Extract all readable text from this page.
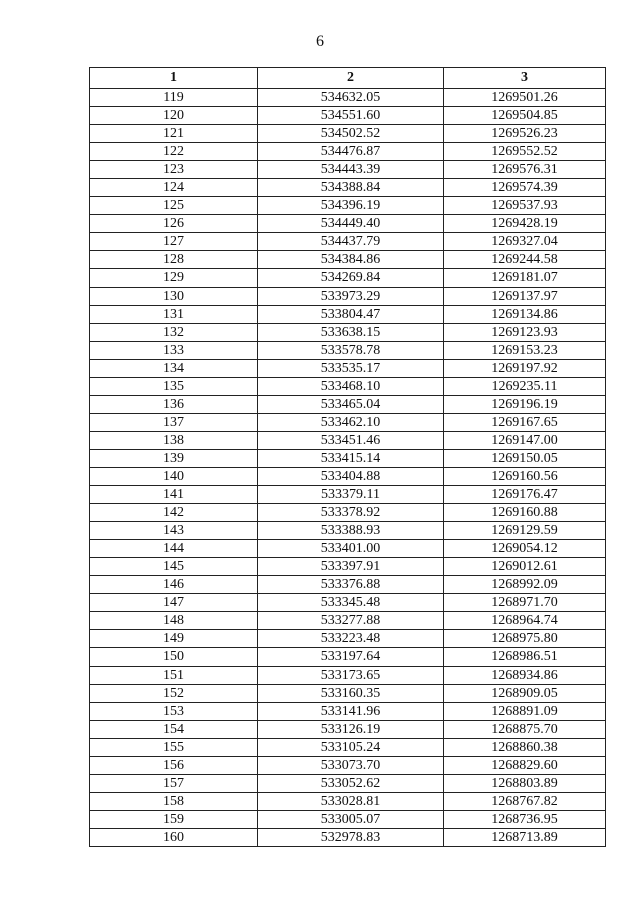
6
1	2	3
119	534632.05	1269501.26
120	534551.60	1269504.85
121	534502.52	1269526.23
122	534476.87	1269552.52
123	534443.39	1269576.31
124	534388.84	1269574.39
125	534396.19	1269537.93
126	534449.40	1269428.19
127	534437.79	1269327.04
128	534384.86	1269244.58
129	534269.84	1269181.07
130	533973.29	1269137.97
131	533804.47	1269134.86
132	533638.15	1269123.93
133	533578.78	1269153.23
134	533535.17	1269197.92
135	533468.10	1269235.11
136	533465.04	1269196.19
137	533462.10	1269167.65
138	533451.46	1269147.00
139	533415.14	1269150.05
140	533404.88	1269160.56
141	533379.11	1269176.47
142	533378.92	1269160.88
143	533388.93	1269129.59
144	533401.00	1269054.12
145	533397.91	1269012.61
146	533376.88	1268992.09
147	533345.48	1268971.70
148	533277.88	1268964.74
149	533223.48	1268975.80
150	533197.64	1268986.51
151	533173.65	1268934.86
152	533160.35	1268909.05
153	533141.96	1268891.09
154	533126.19	1268875.70
155	533105.24	1268860.38
156	533073.70	1268829.60
157	533052.62	1268803.89
158	533028.81	1268767.82
159	533005.07	1268736.95
160	532978.83	1268713.89
